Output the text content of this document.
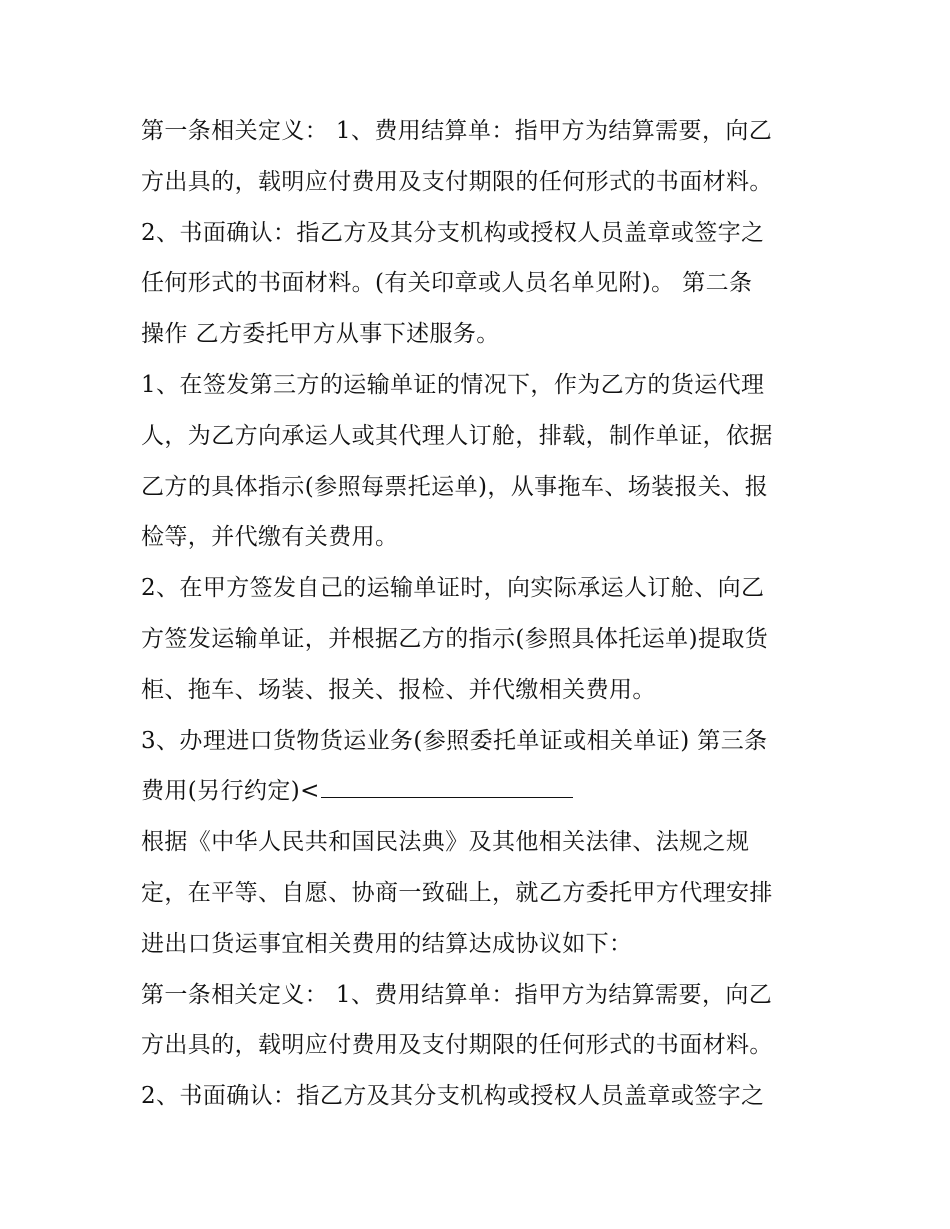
第一条相关定义： 1、费用结算单：指甲方为结算需要，向乙
方出具的，载明应付费用及支付期限的任何形式的书面材料。
2、书面确认：指乙方及其分支机构或授权人员盖章或签字之
任何形式的书面材料。(有关印章或人员名单见附)。 第二条
操作 乙方委托甲方从事下述服务。
1、在签发第三方的运输单证的情况下，作为乙方的货运代理
人，为乙方向承运人或其代理人订舱，排载，制作单证，依据
乙方的具体指示(参照每票托运单)，从事拖车、场装报关、报
检等，并代缴有关费用。
2、在甲方签发自己的运输单证时，向实际承运人订舱、向乙
方签发运输单证，并根据乙方的指示(参照具体托运单)提取货
柜、拖车、场装、报关、报检、并代缴相关费用。
3、办理进口货物货运业务(参照委托单证或相关单证) 第三条
费用(另行约定)<
根据《中华人民共和国民法典》及其他相关法律、法规之规
定，在平等、自愿、协商一致础上，就乙方委托甲方代理安排
进出口货运事宜相关费用的结算达成协议如下：
第一条相关定义： 1、费用结算单：指甲方为结算需要，向乙
方出具的，载明应付费用及支付期限的任何形式的书面材料。
2、书面确认：指乙方及其分支机构或授权人员盖章或签字之
